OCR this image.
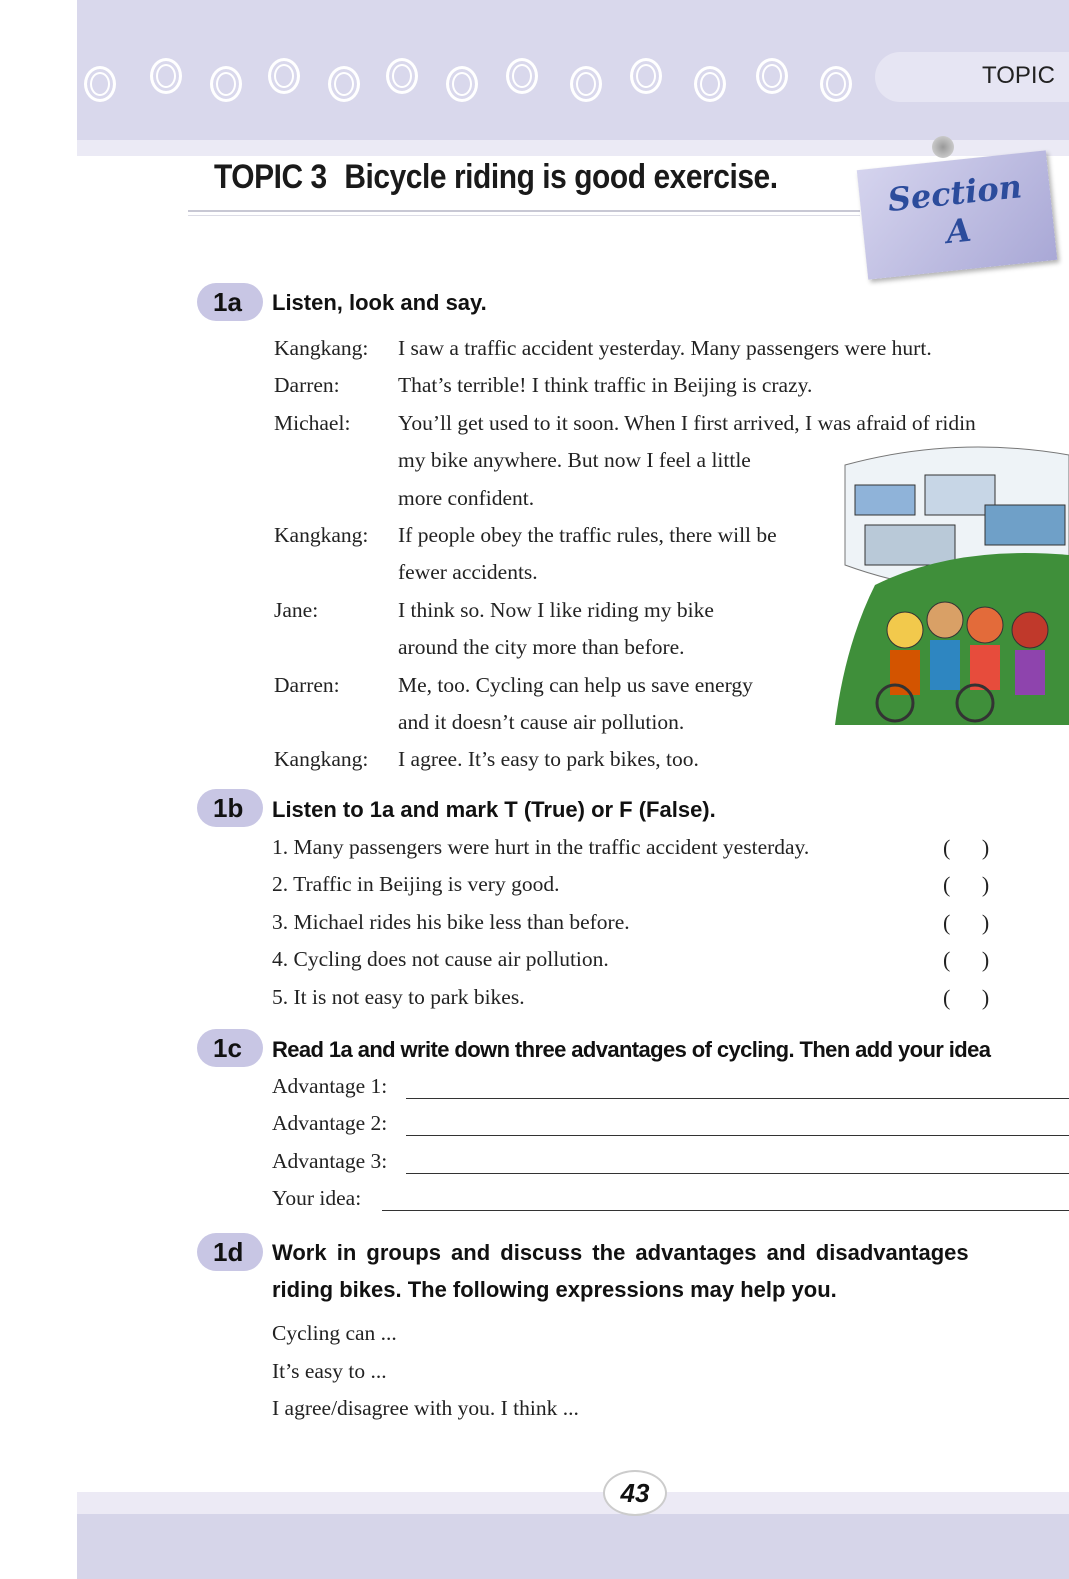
TOPIC
TOPIC 3 Bicycle riding is good exercise.	Section
A
1a	Listen, look and say.
Kangkang: I saw a traffic accident yesterday. Many passengers were hurt.
Darren:	That’s terrible! I think traffic in Beijing is crazy.
Michael: You’ll get used to it soon. When I first arrived, I was afraid of ridin
my bike anywhere. But now I feel a little
more confident.
Kangkang: If people obey the traffic rules, there will be
fewer accidents.
Jane:	I think so. Now I like riding my bike
around the city more than before.
Darren:	Me, too. Cycling can help us save energy
and it doesn’t cause air pollution.
Kangkang: I agree. It’s easy to park bikes, too.
1b	Listen to 1a and mark T (True) or F (False).
1. Many passengers were hurt in the traffic accident yesterday.	( )
2. Traffic in Beijing is very good.	( )
3. Michael rides his bike less than before.	( )
4. Cycling does not cause air pollution.	( )
5. It is not easy to park bikes.	( )
1c	Read 1a and write down three advantages of cycling. Then add your idea
Advantage 1:
Advantage 2:
Advantage 3:
Your idea:
1d	Work in groups and discuss the advantages and disadvantages
riding bikes. The following expressions may help you.
Cycling can ...
It’s easy to ...
I agree/disagree with you. I think ...
43
